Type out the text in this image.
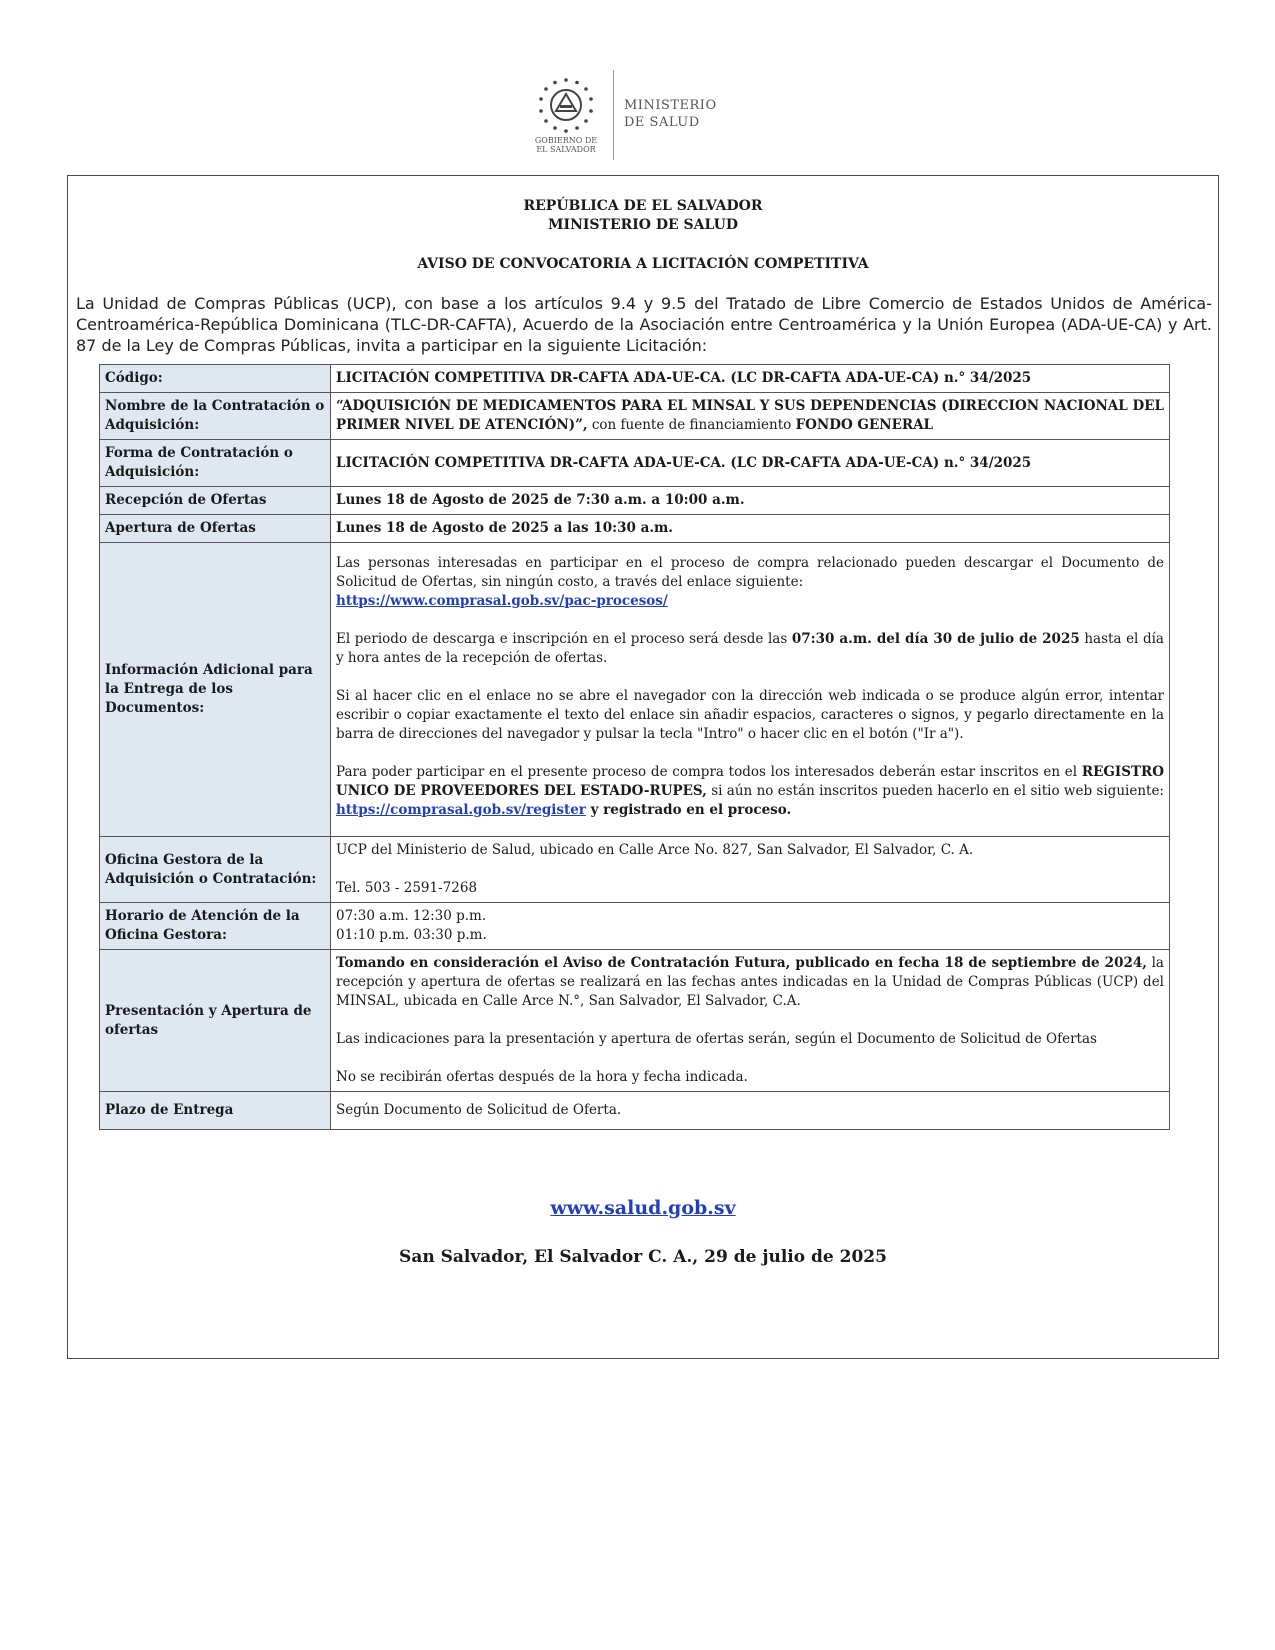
GOBIERNO DE
EL SALVADOR
MINISTERIO
DE SALUD
REPÚBLICA DE EL SALVADOR
MINISTERIO DE SALUD
AVISO DE CONVOCATORIA A LICITACIÓN COMPETITIVA
La Unidad de Compras Públicas (UCP), con base a los artículos 9.4 y 9.5 del Tratado de Libre Comercio de Estados Unidos de América-Centroamérica-República Dominicana (TLC-DR-CAFTA), Acuerdo de la Asociación entre Centroamérica y la Unión Europea (ADA-UE-CA) y Art. 87 de la Ley de Compras Públicas, invita a participar en la siguiente Licitación:
Código:	LICITACIÓN COMPETITIVA DR-CAFTA ADA-UE-CA. (LC DR-CAFTA ADA-UE-CA) n.° 34/2025
Nombre de la Contratación o Adquisición:	“ADQUISICIÓN DE MEDICAMENTOS PARA EL MINSAL Y SUS DEPENDENCIAS (DIRECCION NACIONAL DEL PRIMER NIVEL DE ATENCIÓN)”, con fuente de financiamiento FONDO GENERAL
Forma de Contratación o Adquisición:	LICITACIÓN COMPETITIVA DR-CAFTA ADA-UE-CA. (LC DR-CAFTA ADA-UE-CA) n.° 34/2025
Recepción de Ofertas	Lunes 18 de Agosto de 2025 de 7:30 a.m. a 10:00 a.m.
Apertura de Ofertas	Lunes 18 de Agosto de 2025 a las 10:30 a.m.
Información Adicional para la Entrega de los Documentos:	Las personas interesadas en participar en el proceso de compra relacionado pueden descargar el Documento de Solicitud de Ofertas, sin ningún costo, a través del enlace siguiente:
https://www.comprasal.gob.sv/pac-procesos/
El periodo de descarga e inscripción en el proceso será desde las 07:30 a.m. del día 30 de julio de 2025 hasta el día y hora antes de la recepción de ofertas.
Si al hacer clic en el enlace no se abre el navegador con la dirección web indicada o se produce algún error, intentar escribir o copiar exactamente el texto del enlace sin añadir espacios, caracteres o signos, y pegarlo directamente en la barra de direcciones del navegador y pulsar la tecla "Intro" o hacer clic en el botón ("Ir a").
Para poder participar en el presente proceso de compra todos los interesados deberán estar inscritos en el REGISTRO UNICO DE PROVEEDORES DEL ESTADO-RUPES, si aún no están inscritos pueden hacerlo en el sitio web siguiente: https://comprasal.gob.sv/register y registrado en el proceso.

Oficina Gestora de la Adquisición o Contratación:	UCP del Ministerio de Salud, ubicado en Calle Arce No. 827, San Salvador, El Salvador, C. A.
Tel. 503 - 2591-7268

Horario de Atención de la Oficina Gestora:	07:30 a.m. 12:30 p.m.
01:10 p.m. 03:30 p.m.

Presentación y Apertura de ofertas	Tomando en consideración el Aviso de Contratación Futura, publicado en fecha 18 de septiembre de 2024, la recepción y apertura de ofertas se realizará en las fechas antes indicadas en la Unidad de Compras Públicas (UCP) del MINSAL, ubicada en Calle Arce N.°, San Salvador, El Salvador, C.A.
Las indicaciones para la presentación y apertura de ofertas serán, según el Documento de Solicitud de Ofertas
No se recibirán ofertas después de la hora y fecha indicada.

Plazo de Entrega	Según Documento de Solicitud de Oferta.
www.salud.gob.sv
San Salvador, El Salvador C. A., 29 de julio de 2025
